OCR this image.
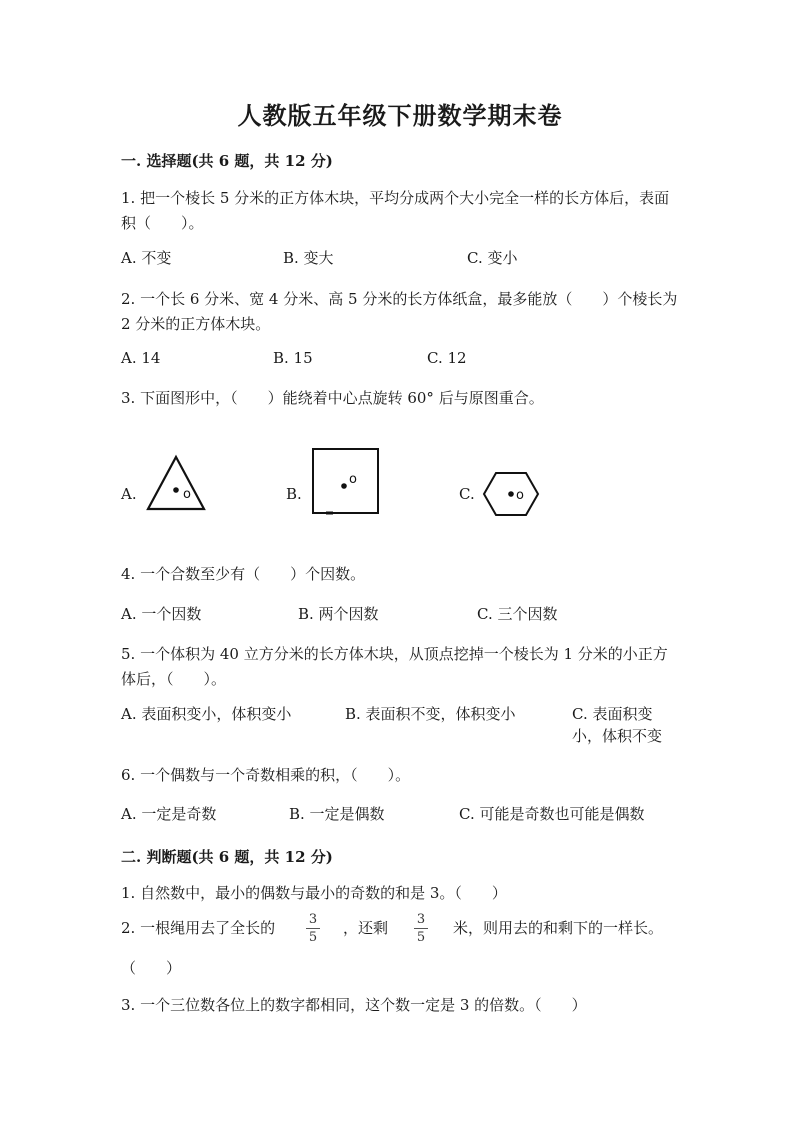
人教版五年级下册数学期末卷
一. 选择题(共 6 题，共 12 分)
1. 把一个棱长 5 分米的正方体木块，平均分成两个大小完全一样的长方体后，表面积（　　）。
A. 不变	B. 变大	C. 变小
2. 一个长 6 分米、宽 4 分米、高 5 分米的长方体纸盒，最多能放（　　）个棱长为 2 分米的正方体木块。
A. 14	B. 15	C. 12
3. 下面图形中，（　　）能绕着中心点旋转 60° 后与原图重合。
A.	B.	C.
o
o
o
4. 一个合数至少有（　　）个因数。
A. 一个因数	B. 两个因数	C. 三个因数
5. 一个体积为 40 立方分米的长方体木块，从顶点挖掉一个棱长为 1 分米的小正方体后，（　　）。
A. 表面积变小，体积变小	B. 表面积不变，体积变小	C. 表面积变小，体积不变
6. 一个偶数与一个奇数相乘的积，（　　）。
A. 一定是奇数	B. 一定是偶数	C. 可能是奇数也可能是偶数
二. 判断题(共 6 题，共 12 分)
1. 自然数中，最小的偶数与最小的奇数的和是 3。（　　）
2. 一根绳用去了全长的	3
5
，还剩 3
5
米，则用去的和剩下的一样长。
（　　）
3. 一个三位数各位上的数字都相同，这个数一定是 3 的倍数。（　　）
